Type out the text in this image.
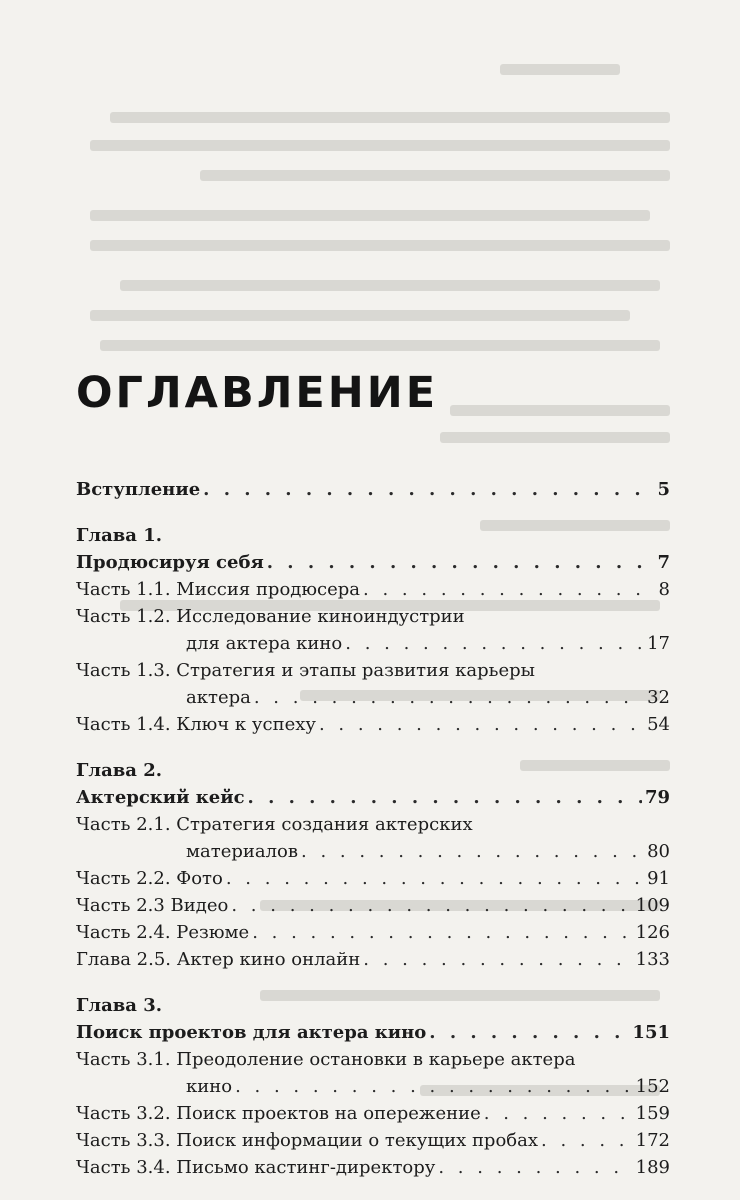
ОГЛАВЛЕНИЕ
Вступление . . .	5
Глава 1.
Продюсируя себя . . .	7
Часть 1.1. Миссия продюсера . . .	8
Часть 1.2. Исследование киноиндустрии
для актера кино . . .	17
Часть 1.3. Стратегия и этапы развития карьеры
актера . . .	32
Часть 1.4. Ключ к успеху . . .	54
Глава 2.
Актерский кейс . . .	79
Часть 2.1. Стратегия создания актерских
материалов . . .	80
Часть 2.2. Фото . . .	91
Часть 2.3 Видео . . .	109
Часть 2.4. Резюме . . .	126
Глава 2.5. Актер кино онлайн . . .	133
Глава 3.
Поиск проектов для актера кино . . .	151
Часть 3.1. Преодоление остановки в карьере актера
кино . . .	152
Часть 3.2. Поиск проектов на опережение . . .	159
Часть 3.3. Поиск информации о текущих пробах . . .	172
Часть 3.4. Письмо кастинг-директору . . .	189
